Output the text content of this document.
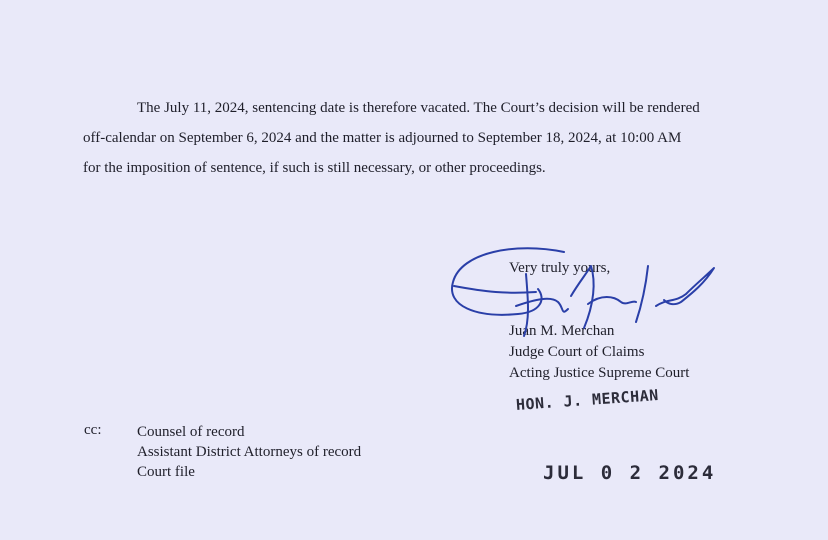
The July 11, 2024, sentencing date is therefore vacated. The Court’s decision will be rendered
off-calendar on September 6, 2024 and the matter is adjourned to September 18, 2024, at 10:00 AM
for the imposition of sentence, if such is still necessary, or other proceedings.
Very truly yours,
Juan M. Merchan
Judge Court of Claims
Acting Justice Supreme Court
HON. J. MERCHAN
JUL 0 2 2024
cc: Counsel of record
Assistant District Attorneys of record
Court file
